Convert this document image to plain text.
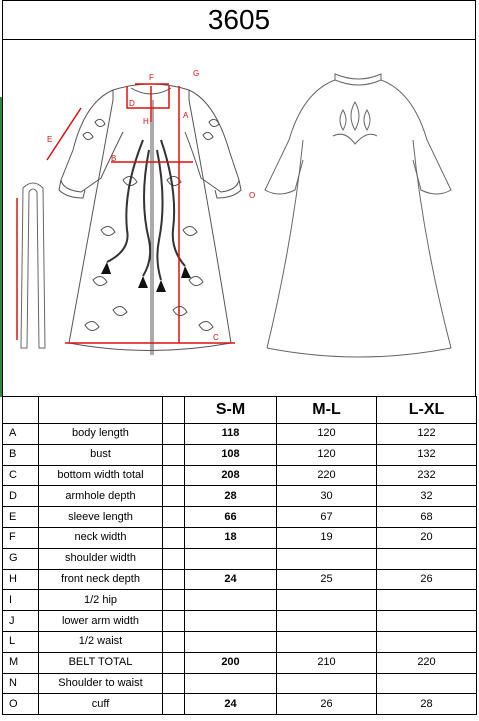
3605
A
B
C
D
E
F	G
H
O
			S-M	M-L	L-XL
A	body length		118	120	122
B	bust		108	120	132
C	bottom width total		208	220	232
D	armhole depth		28	30	32
E	sleeve length		66	67	68
F	neck width		18	19	20
G	shoulder width				
H	front neck depth		24	25	26
I	1/2 hip				
J	lower arm width				
L	1/2 waist				
M	BELT TOTAL		200	210	220
N	Shoulder to waist				
O	cuff		24	26	28
